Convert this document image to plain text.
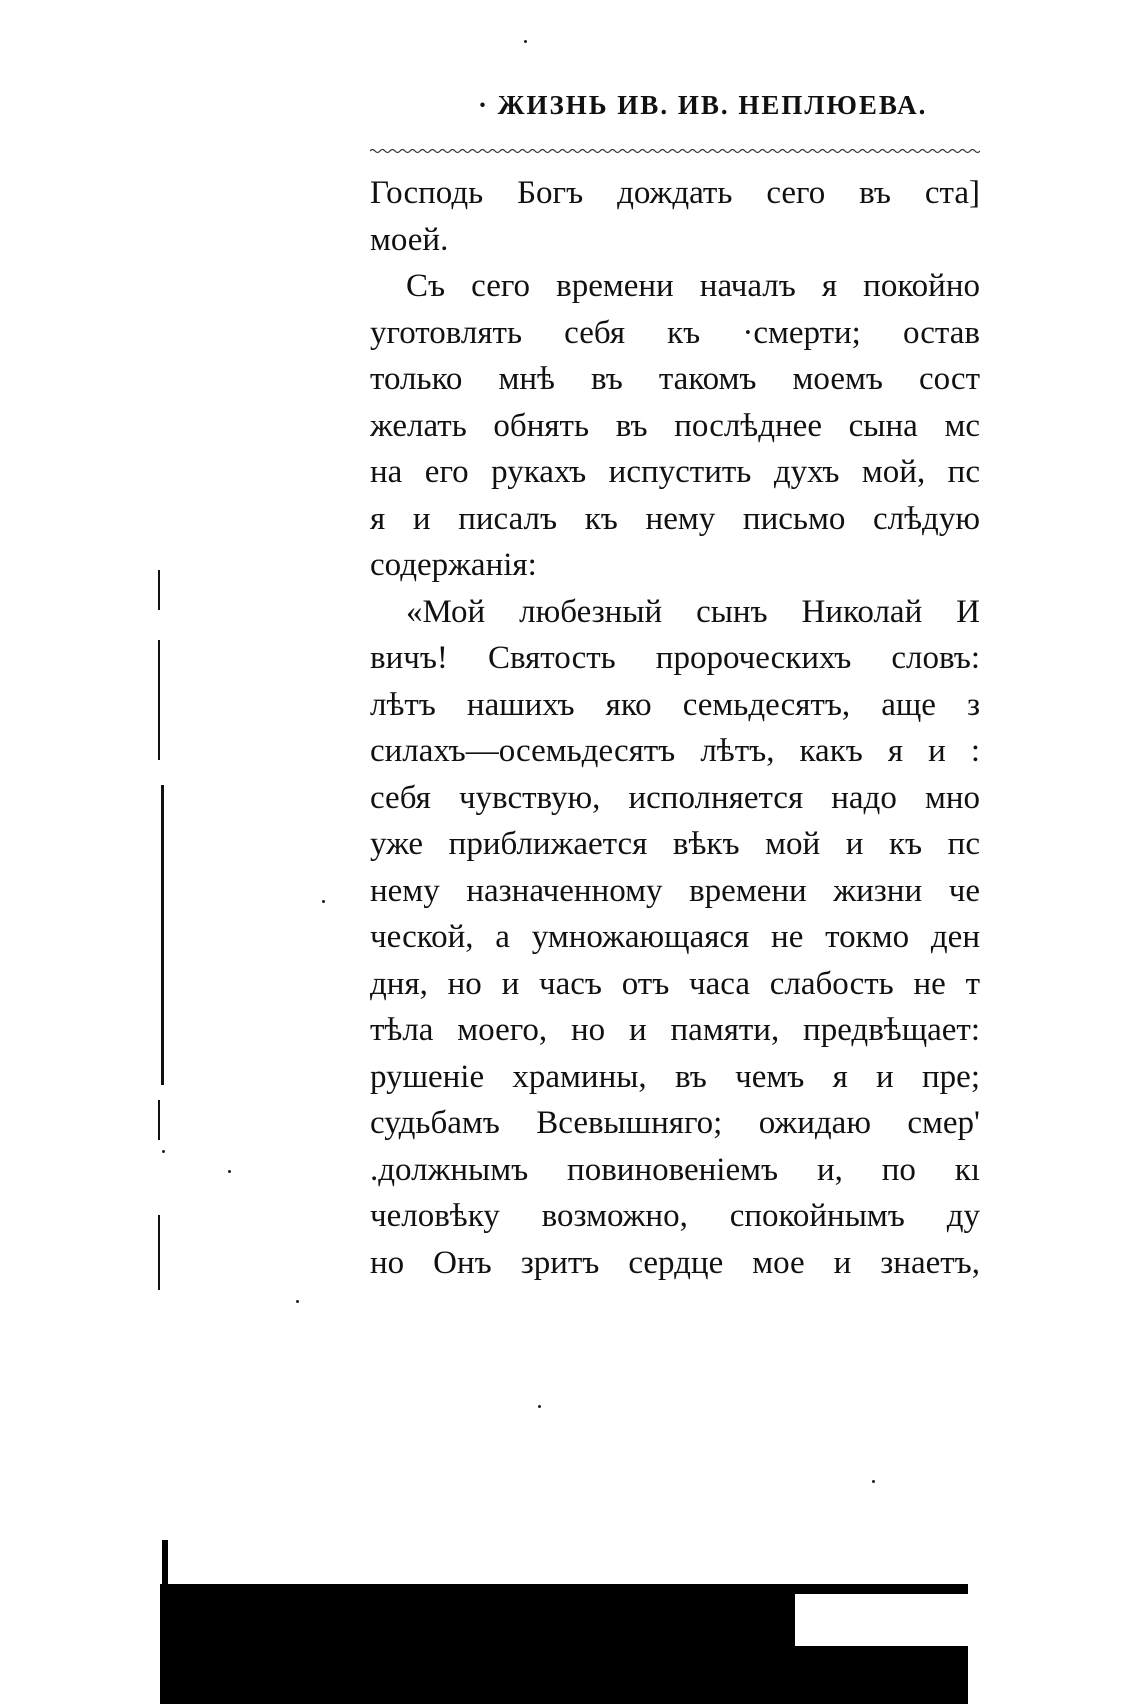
· ЖИЗНЬ ИВ. ИВ. НЕПЛЮЕВА.
Господь Богъ дождать сего въ ста]
моей.
Съ сего времени началъ я покойно
уготовлять себя къ ·смерти; остав
только мнѣ въ такомъ моемъ сост
желать обнять въ послѣднее сына мс
на его рукахъ испустить духъ мой, пс
я и писалъ къ нему письмо слѣдую
содержанія:
«Мой любезный сынъ Николай И
вичъ! Святость пророческихъ словъ:
лѣтъ нашихъ яко семьдесятъ, аще з
силахъ—осемьдесятъ лѣтъ, какъ я и :
себя чувствую, исполняется надо мно
уже приближается вѣкъ мой и къ пс
нему назначенному времени жизни че
ческой, а умножающаяся не токмо ден
дня, но и часъ отъ часа слабость не т
тѣла моего, но и памяти, предвѣщает:
рушеніе храмины, въ чемъ я и пре;
судьбамъ Всевышняго; ожидаю смер'
.должнымъ повиновеніемъ и, по кı
человѣку возможно, спокойнымъ ду
но Онъ зритъ сердце мое и знаетъ,
